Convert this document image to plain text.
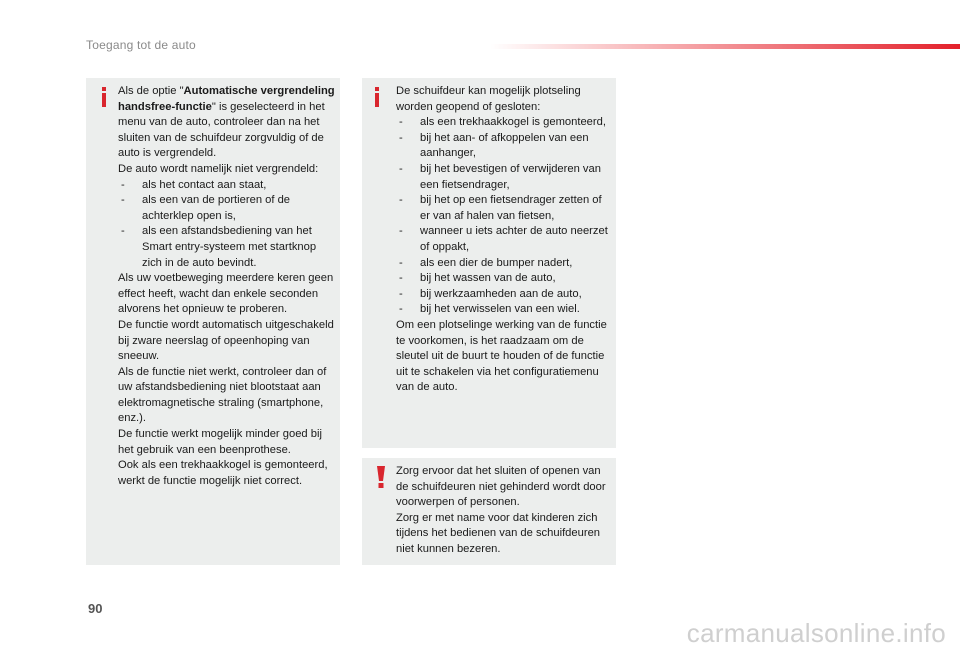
Toegang tot de auto

Als de optie "Automatische vergrendeling handsfree-functie" is geselecteerd in het menu van de auto, controleer dan na het sluiten van de schuifdeur zorgvuldig of de auto is vergrendeld.

De auto wordt namelijk niet vergrendeld:

- als het contact aan staat,
- als een van de portieren of de achterklep open is,
- als een afstandsbediening van het Smart entry-systeem met startknop zich in de auto bevindt.

Als uw voetbeweging meerdere keren geen effect heeft, wacht dan enkele seconden alvorens het opnieuw te proberen.

De functie wordt automatisch uitgeschakeld bij zware neerslag of opeenhoping van sneeuw.

Als de functie niet werkt, controleer dan of uw afstandsbediening niet blootstaat aan elektromagnetische straling (smartphone, enz.).

De functie werkt mogelijk minder goed bij het gebruik van een beenprothese.

Ook als een trekhaakkogel is gemonteerd, werkt de functie mogelijk niet correct.

De schuifdeur kan mogelijk plotseling worden geopend of gesloten:

- als een trekhaakkogel is gemonteerd,
- bij het aan- of afkoppelen van een aanhanger,
- bij het bevestigen of verwijderen van een fietsendrager,
- bij het op een fietsendrager zetten of er van af halen van fietsen,
- wanneer u iets achter de auto neerzet of oppakt,
- als een dier de bumper nadert,
- bij het wassen van de auto,
- bij werkzaamheden aan de auto,
- bij het verwisselen van een wiel.

Om een plotselinge werking van de functie te voorkomen, is het raadzaam om de sleutel uit de buurt te houden of de functie uit te schakelen via het configuratiemenu van de auto.

Zorg ervoor dat het sluiten of openen van de schuifdeuren niet gehinderd wordt door voorwerpen of personen.

Zorg er met name voor dat kinderen zich tijdens het bedienen van de schuifdeuren niet kunnen bezeren.

90
carmanualsonline.info
